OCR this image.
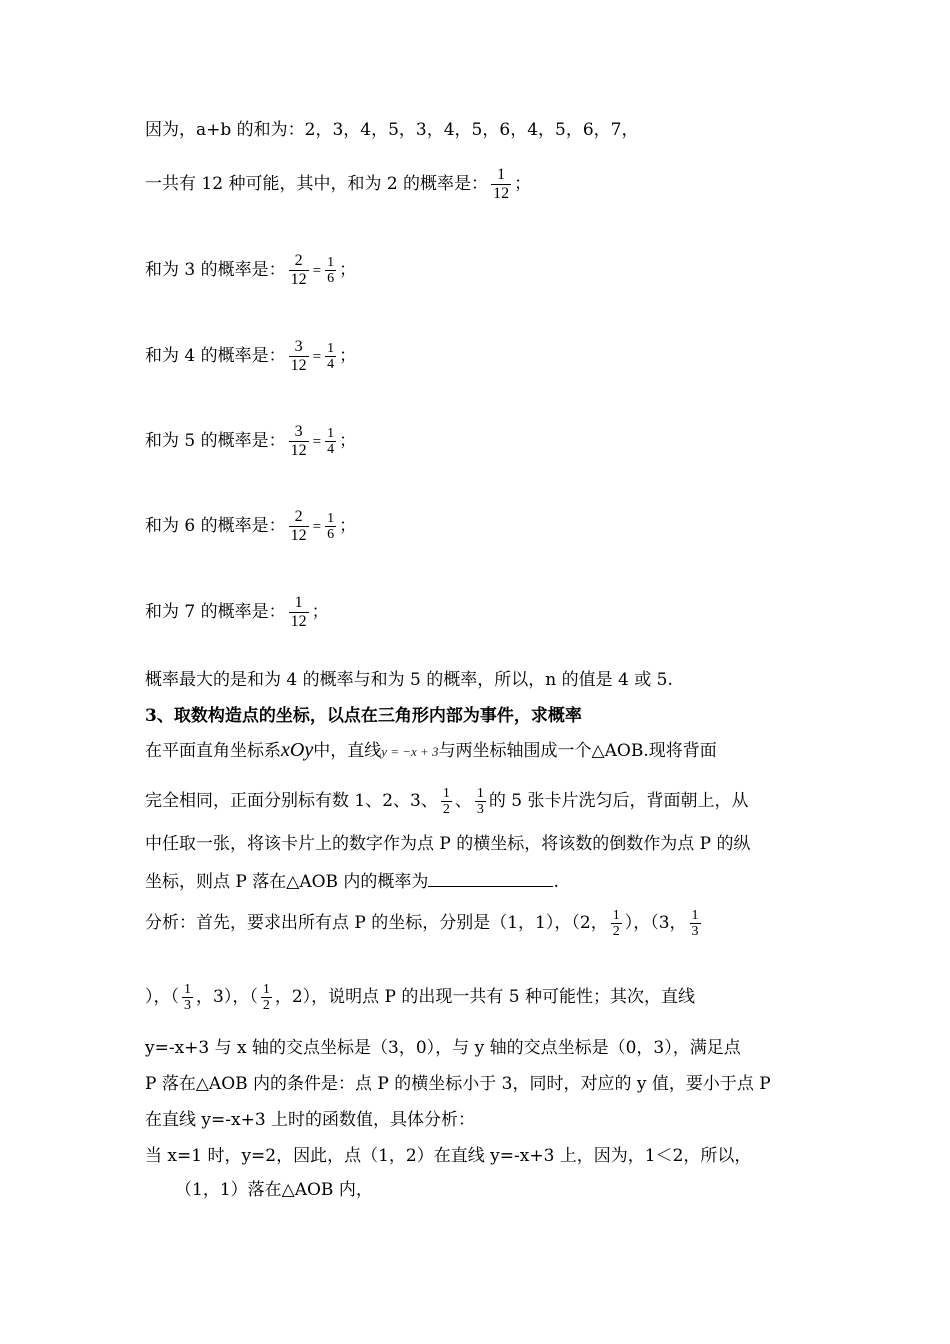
因为，a+b 的和为：2，3，4，5，3，4，5，6，4，5，6，7，
一共有 12 种可能，其中，和为 2 的概率是： $\frac{1}{12}$ ；
和为 3 的概率是： $\frac{2}{12} = \frac{1}{6}$ ；
和为 4 的概率是： $\frac{3}{12} = \frac{1}{4}$ ；
和为 5 的概率是： $\frac{3}{12} = \frac{1}{4}$ ；
和为 6 的概率是： $\frac{2}{12} = \frac{1}{6}$ ；
和为 7 的概率是： $\frac{1}{12}$ ；
概率最大的是和为 4 的概率与和为 5 的概率，所以，n 的值是 4 或 5.
3、取数构造点的坐标，以点在三角形内部为事件，求概率
在平面直角坐标系xOy中，直线y = −x + 3与两坐标轴围成一个△AOB.现将背面
完全相同，正面分别标有数 1、2、3、 $\frac{1}{2}$ 、 $\frac{1}{3}$ 的 5 张卡片洗匀后，背面朝上，从
中任取一张，将该卡片上的数字作为点 P 的横坐标，将该数的倒数作为点 P 的纵
坐标，则点 P 落在△AOB 内的概率为	.
分析：首先，要求出所有点 P 的坐标，分别是（1，1），（2， $\frac{1}{2}$ ），（3， $\frac{1}{3}$
），（ $\frac{1}{3}$ ，3），（ $\frac{1}{2}$ ，2），说明点 P 的出现一共有 5 种可能性；其次，直线
y=-x+3 与 x 轴的交点坐标是（3，0），与 y 轴的交点坐标是（0，3），满足点
P 落在△AOB 内的条件是：点 P 的横坐标小于 3，同时，对应的 y 值，要小于点 P
在直线 y=-x+3 上时的函数值，具体分析：
当 x=1 时，y=2，因此，点（1，2）在直线 y=-x+3 上，因为，1＜2，所以，
（1，1）落在△AOB 内，
